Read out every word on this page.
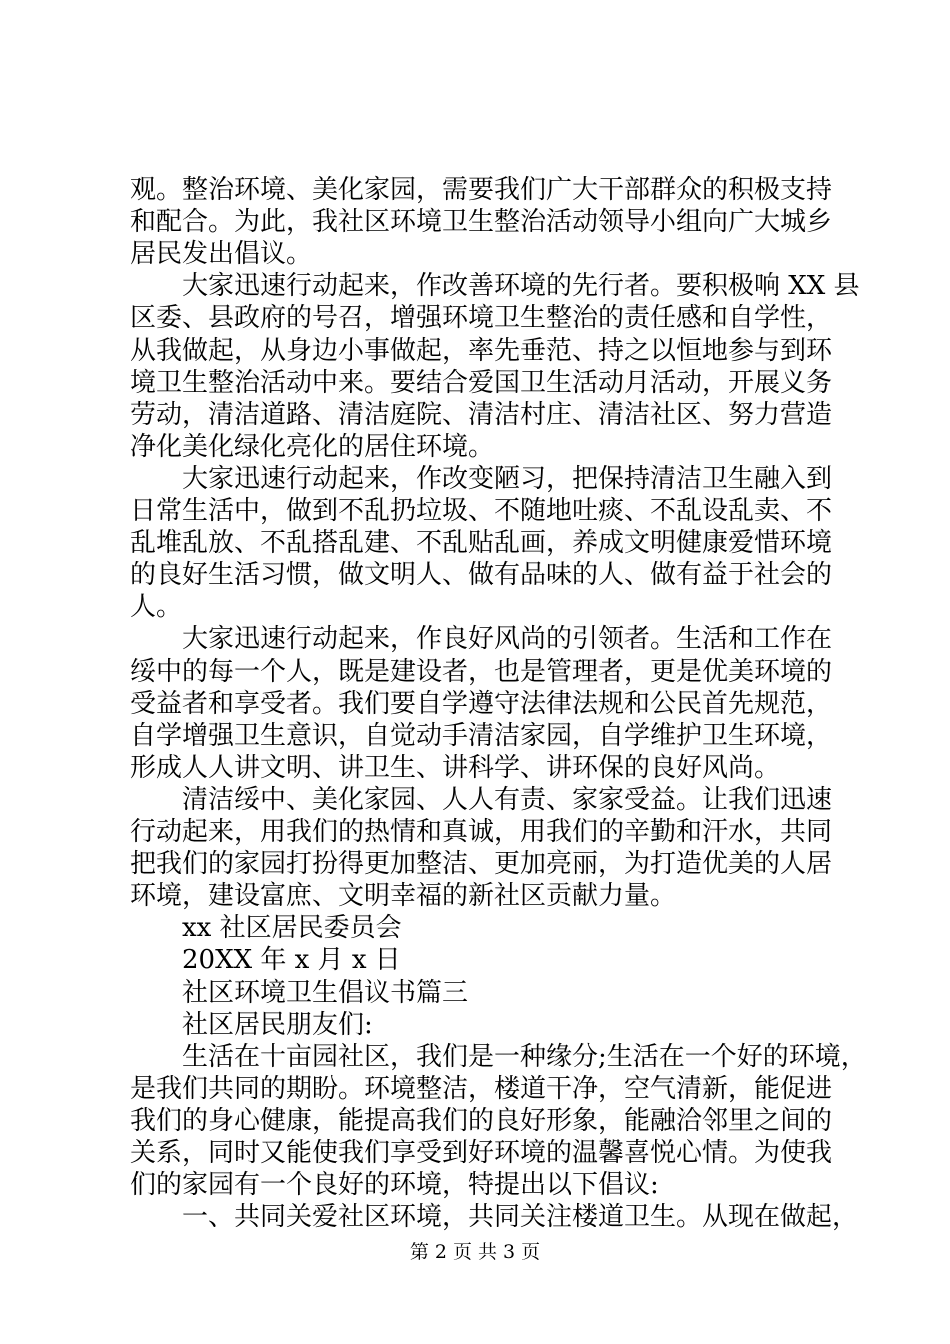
观。整治环境、美化家园，需要我们广大干部群众的积极支持
和配合。为此，我社区环境卫生整治活动领导小组向广大城乡
居民发出倡议。
大家迅速行动起来，作改善环境的先行者。要积极响 XX 县
区委、县政府的号召，增强环境卫生整治的责任感和自学性，
从我做起，从身边小事做起，率先垂范、持之以恒地参与到环
境卫生整治活动中来。要结合爱国卫生活动月活动，开展义务
劳动，清洁道路、清洁庭院、清洁村庄、清洁社区、努力营造
净化美化绿化亮化的居住环境。
大家迅速行动起来，作改变陋习，把保持清洁卫生融入到
日常生活中，做到不乱扔垃圾、不随地吐痰、不乱设乱卖、不
乱堆乱放、不乱搭乱建、不乱贴乱画，养成文明健康爱惜环境
的良好生活习惯，做文明人、做有品味的人、做有益于社会的
人。
大家迅速行动起来，作良好风尚的引领者。生活和工作在
绥中的每一个人，既是建设者，也是管理者，更是优美环境的
受益者和享受者。我们要自学遵守法律法规和公民首先规范，
自学增强卫生意识，自觉动手清洁家园，自学维护卫生环境，
形成人人讲文明、讲卫生、讲科学、讲环保的良好风尚。
清洁绥中、美化家园、人人有责、家家受益。让我们迅速
行动起来，用我们的热情和真诚，用我们的辛勤和汗水，共同
把我们的家园打扮得更加整洁、更加亮丽，为打造优美的人居
环境，建设富庶、文明幸福的新社区贡献力量。
xx 社区居民委员会
20XX 年 x 月 x 日
社区环境卫生倡议书篇三
社区居民朋友们:
生活在十亩园社区，我们是一种缘分;生活在一个好的环境，
是我们共同的期盼。环境整洁，楼道干净，空气清新，能促进
我们的身心健康，能提高我们的良好形象，能融洽邻里之间的
关系，同时又能使我们享受到好环境的温馨喜悦心情。为使我
们的家园有一个良好的环境，特提出以下倡议:
一、共同关爱社区环境，共同关注楼道卫生。从现在做起，
第 2 页 共 3 页
